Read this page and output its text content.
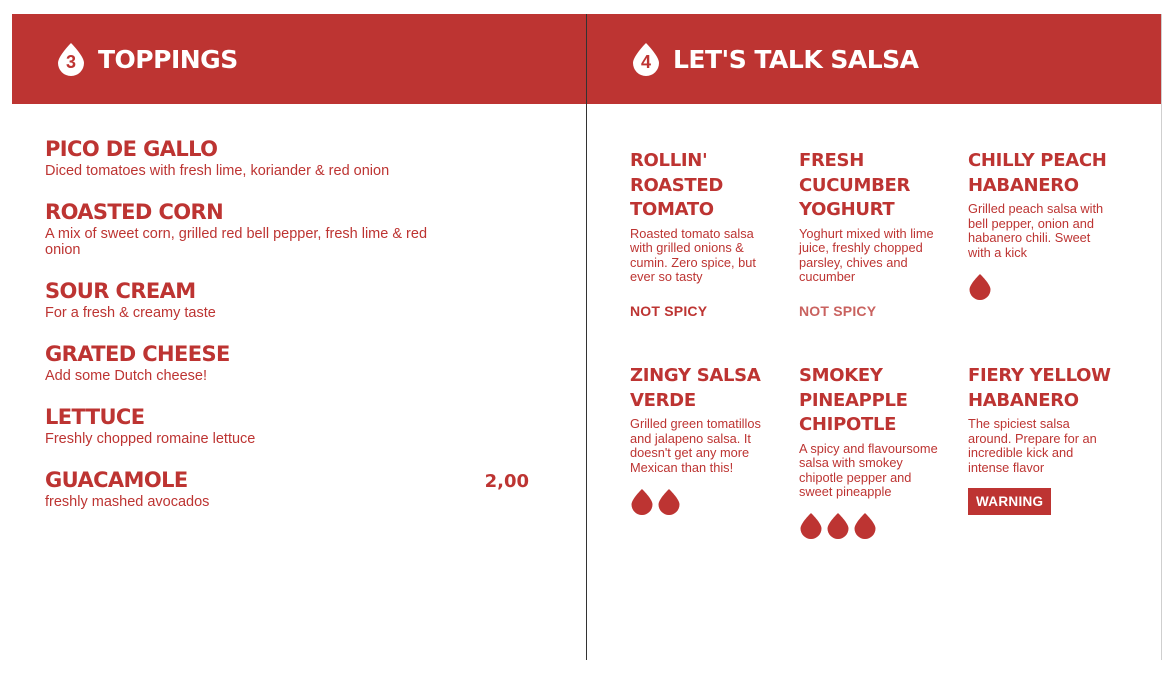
3 TOPPINGS
PICO DE GALLO
Diced tomatoes with fresh lime, koriander & red onion
ROASTED CORN
A mix of sweet corn, grilled red bell pepper, fresh lime & red onion
SOUR CREAM
For a fresh & creamy taste
GRATED CHEESE
Add some Dutch cheese!
LETTUCE
Freshly chopped romaine lettuce
GUACAMOLE
freshly mashed avocados
2,00
4 LET'S TALK SALSA
ROLLIN' ROASTED TOMATO
Roasted tomato salsa with grilled onions & cumin. Zero spice, but ever so tasty
NOT SPICY
FRESH CUCUMBER YOGHURT
Yoghurt mixed with lime juice, freshly chopped parsley, chives and cucumber
NOT SPICY
CHILLY PEACH HABANERO
Grilled peach salsa with bell pepper, onion and habanero chili. Sweet with a kick
ZINGY SALSA VERDE
Grilled green tomatillos and jalapeno salsa. It doesn't get any more Mexican than this!
SMOKEY PINEAPPLE CHIPOTLE
A spicy and flavoursome salsa with smokey chipotle pepper and sweet pineapple
FIERY YELLOW HABANERO
The spiciest salsa around. Prepare for an incredible kick and intense flavor
WARNING
